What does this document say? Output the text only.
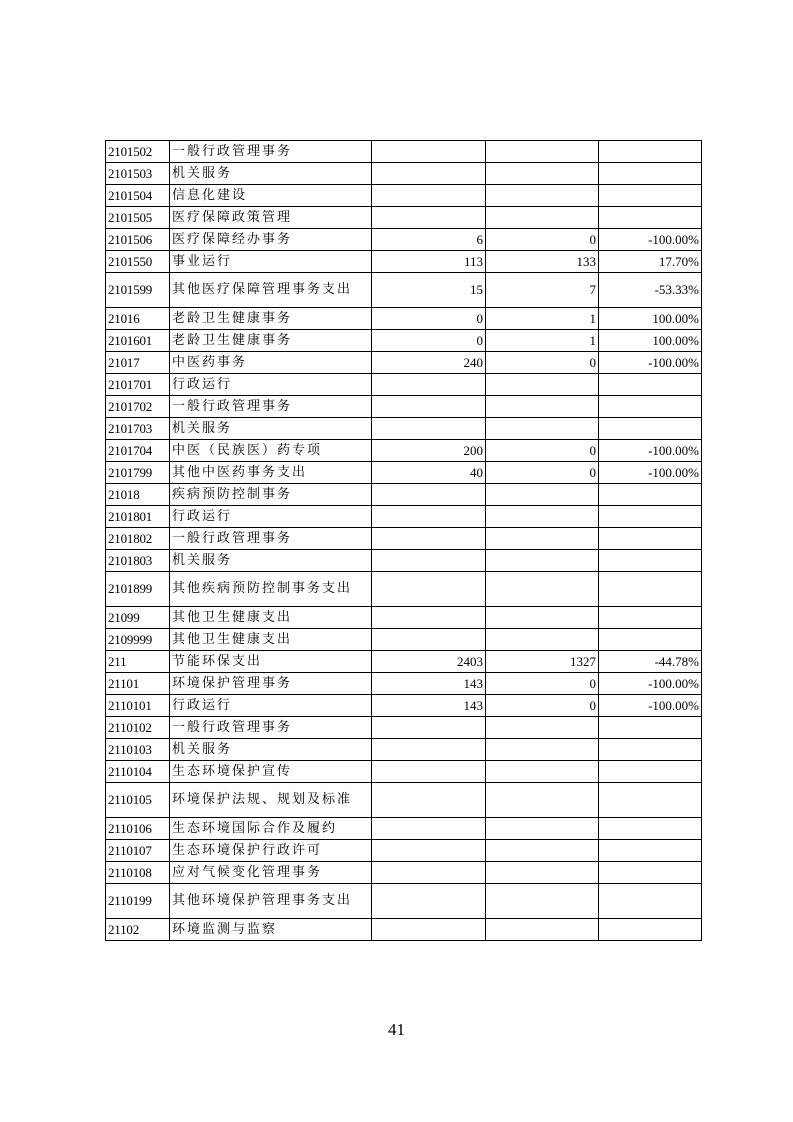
2101502	一般行政管理事务			
2101503	机关服务			
2101504	信息化建设			
2101505	医疗保障政策管理			
2101506	医疗保障经办事务	6	0	-100.00%
2101550	事业运行	113	133	17.70%
2101599	其他医疗保障管理事务支出	15	7	-53.33%
21016	老龄卫生健康事务	0	1	100.00%
2101601	老龄卫生健康事务	0	1	100.00%
21017	中医药事务	240	0	-100.00%
2101701	行政运行			
2101702	一般行政管理事务			
2101703	机关服务			
2101704	中医（民族医）药专项	200	0	-100.00%
2101799	其他中医药事务支出	40	0	-100.00%
21018	疾病预防控制事务			
2101801	行政运行			
2101802	一般行政管理事务			
2101803	机关服务			
2101899	其他疾病预防控制事务支出			
21099	其他卫生健康支出			
2109999	其他卫生健康支出			
211	节能环保支出	2403	1327	-44.78%
21101	环境保护管理事务	143	0	-100.00%
2110101	行政运行	143	0	-100.00%
2110102	一般行政管理事务			
2110103	机关服务			
2110104	生态环境保护宣传			
2110105	环境保护法规、规划及标准			
2110106	生态环境国际合作及履约			
2110107	生态环境保护行政许可			
2110108	应对气候变化管理事务			
2110199	其他环境保护管理事务支出			
21102	环境监测与监察			
41
